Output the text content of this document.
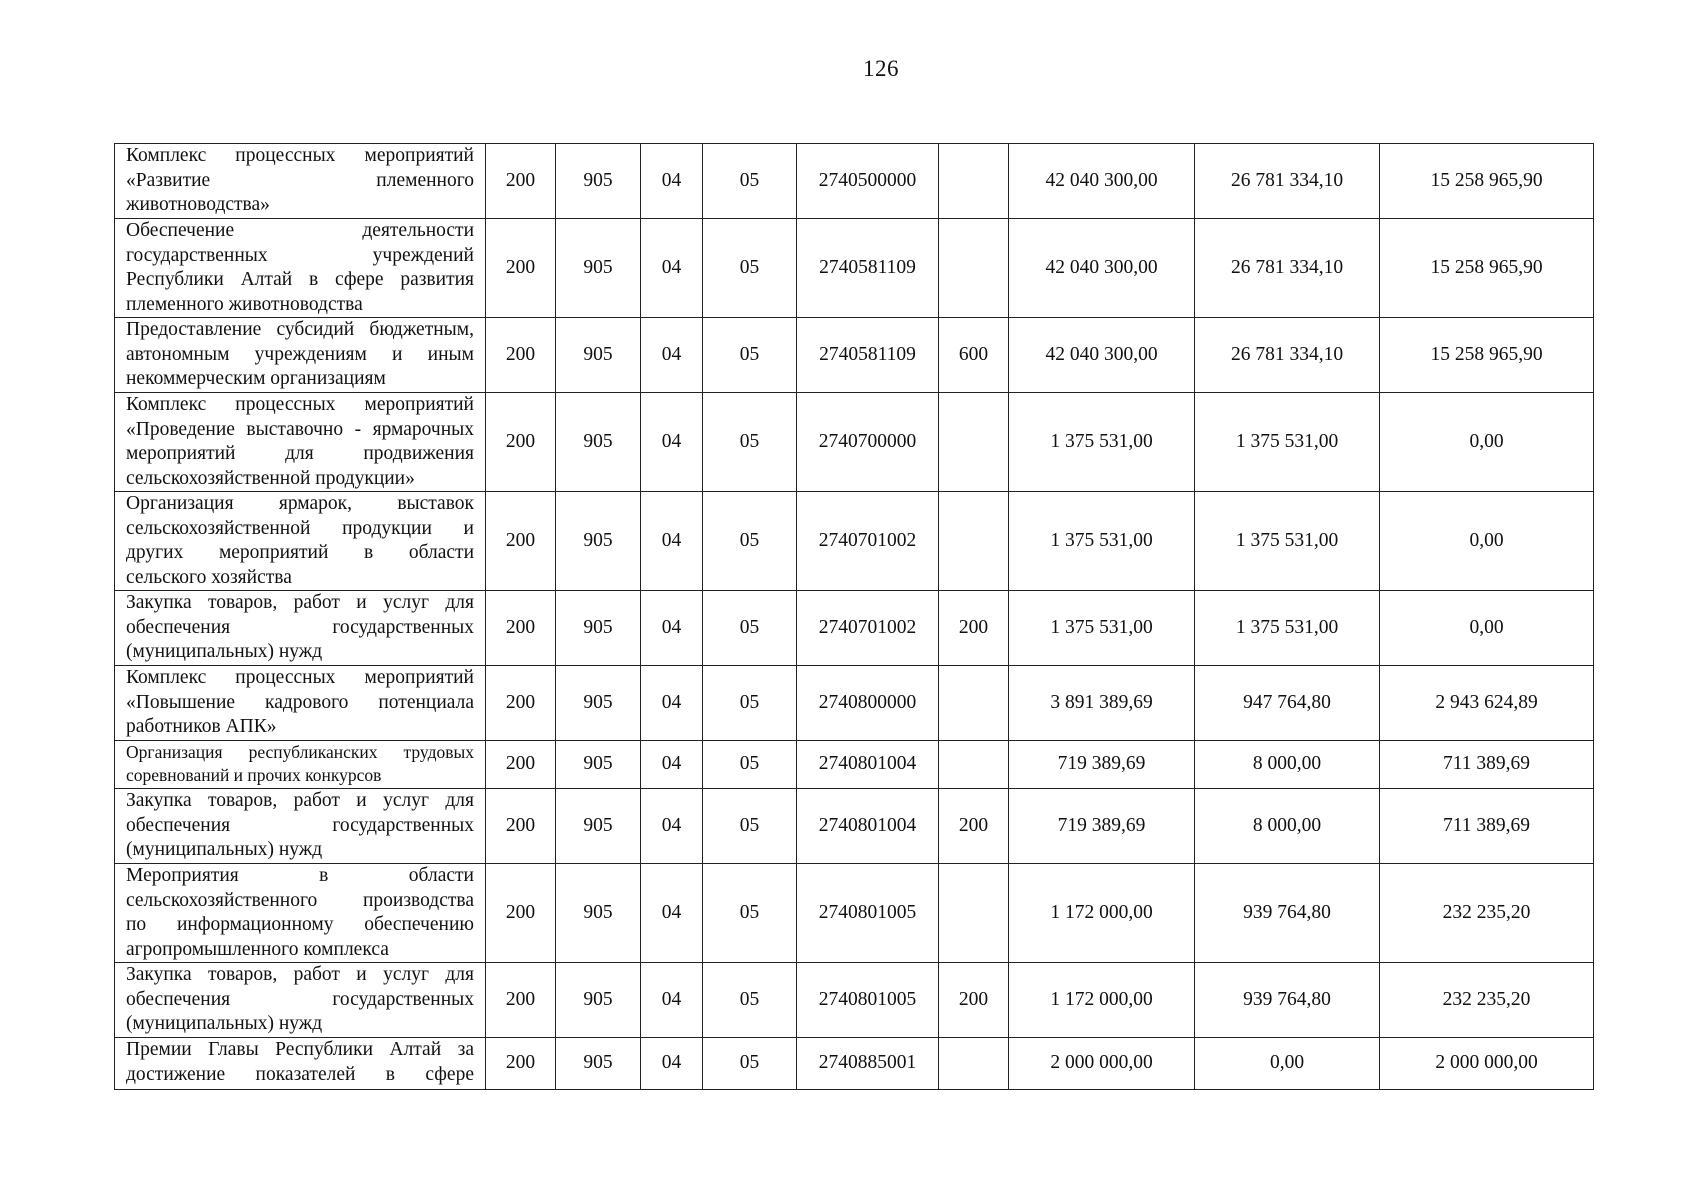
126
Комплекс процессных мероприятий
«Развитие племенного
животноводства»	200	905	04	05	2740500000		42 040 300,00	26 781 334,10	15 258 965,90

Обеспечение деятельности
государственных учреждений
Республики Алтай в сфере развития
племенного животноводства	200	905	04	05	2740581109		42 040 300,00	26 781 334,10	15 258 965,90

Предоставление субсидий бюджетным,
автономным учреждениям и иным
некоммерческим организациям	200	905	04	05	2740581109	600	42 040 300,00	26 781 334,10	15 258 965,90

Комплекс процессных мероприятий
«Проведение выставочно - ярмарочных
мероприятий для продвижения
сельскохозяйственной продукции»	200	905	04	05	2740700000		1 375 531,00	1 375 531,00	0,00

Организация ярмарок, выставок
сельскохозяйственной продукции и
других мероприятий в области
сельского хозяйства	200	905	04	05	2740701002		1 375 531,00	1 375 531,00	0,00

Закупка товаров, работ и услуг для
обеспечения государственных
(муниципальных) нужд	200	905	04	05	2740701002	200	1 375 531,00	1 375 531,00	0,00

Комплекс процессных мероприятий
«Повышение кадрового потенциала
работников АПК»	200	905	04	05	2740800000		3 891 389,69	947 764,80	2 943 624,89

Организация республиканских трудовых
соревнований и прочих конкурсов	200	905	04	05	2740801004		719 389,69	8 000,00	711 389,69

Закупка товаров, работ и услуг для
обеспечения государственных
(муниципальных) нужд	200	905	04	05	2740801004	200	719 389,69	8 000,00	711 389,69

Мероприятия в области
сельскохозяйственного производства
по информационному обеспечению
агропромышленного комплекса	200	905	04	05	2740801005		1 172 000,00	939 764,80	232 235,20

Закупка товаров, работ и услуг для
обеспечения государственных
(муниципальных) нужд	200	905	04	05	2740801005	200	1 172 000,00	939 764,80	232 235,20

Премии Главы Республики Алтай за
достижение показателей в сфере	200	905	04	05	2740885001		2 000 000,00	0,00	2 000 000,00
